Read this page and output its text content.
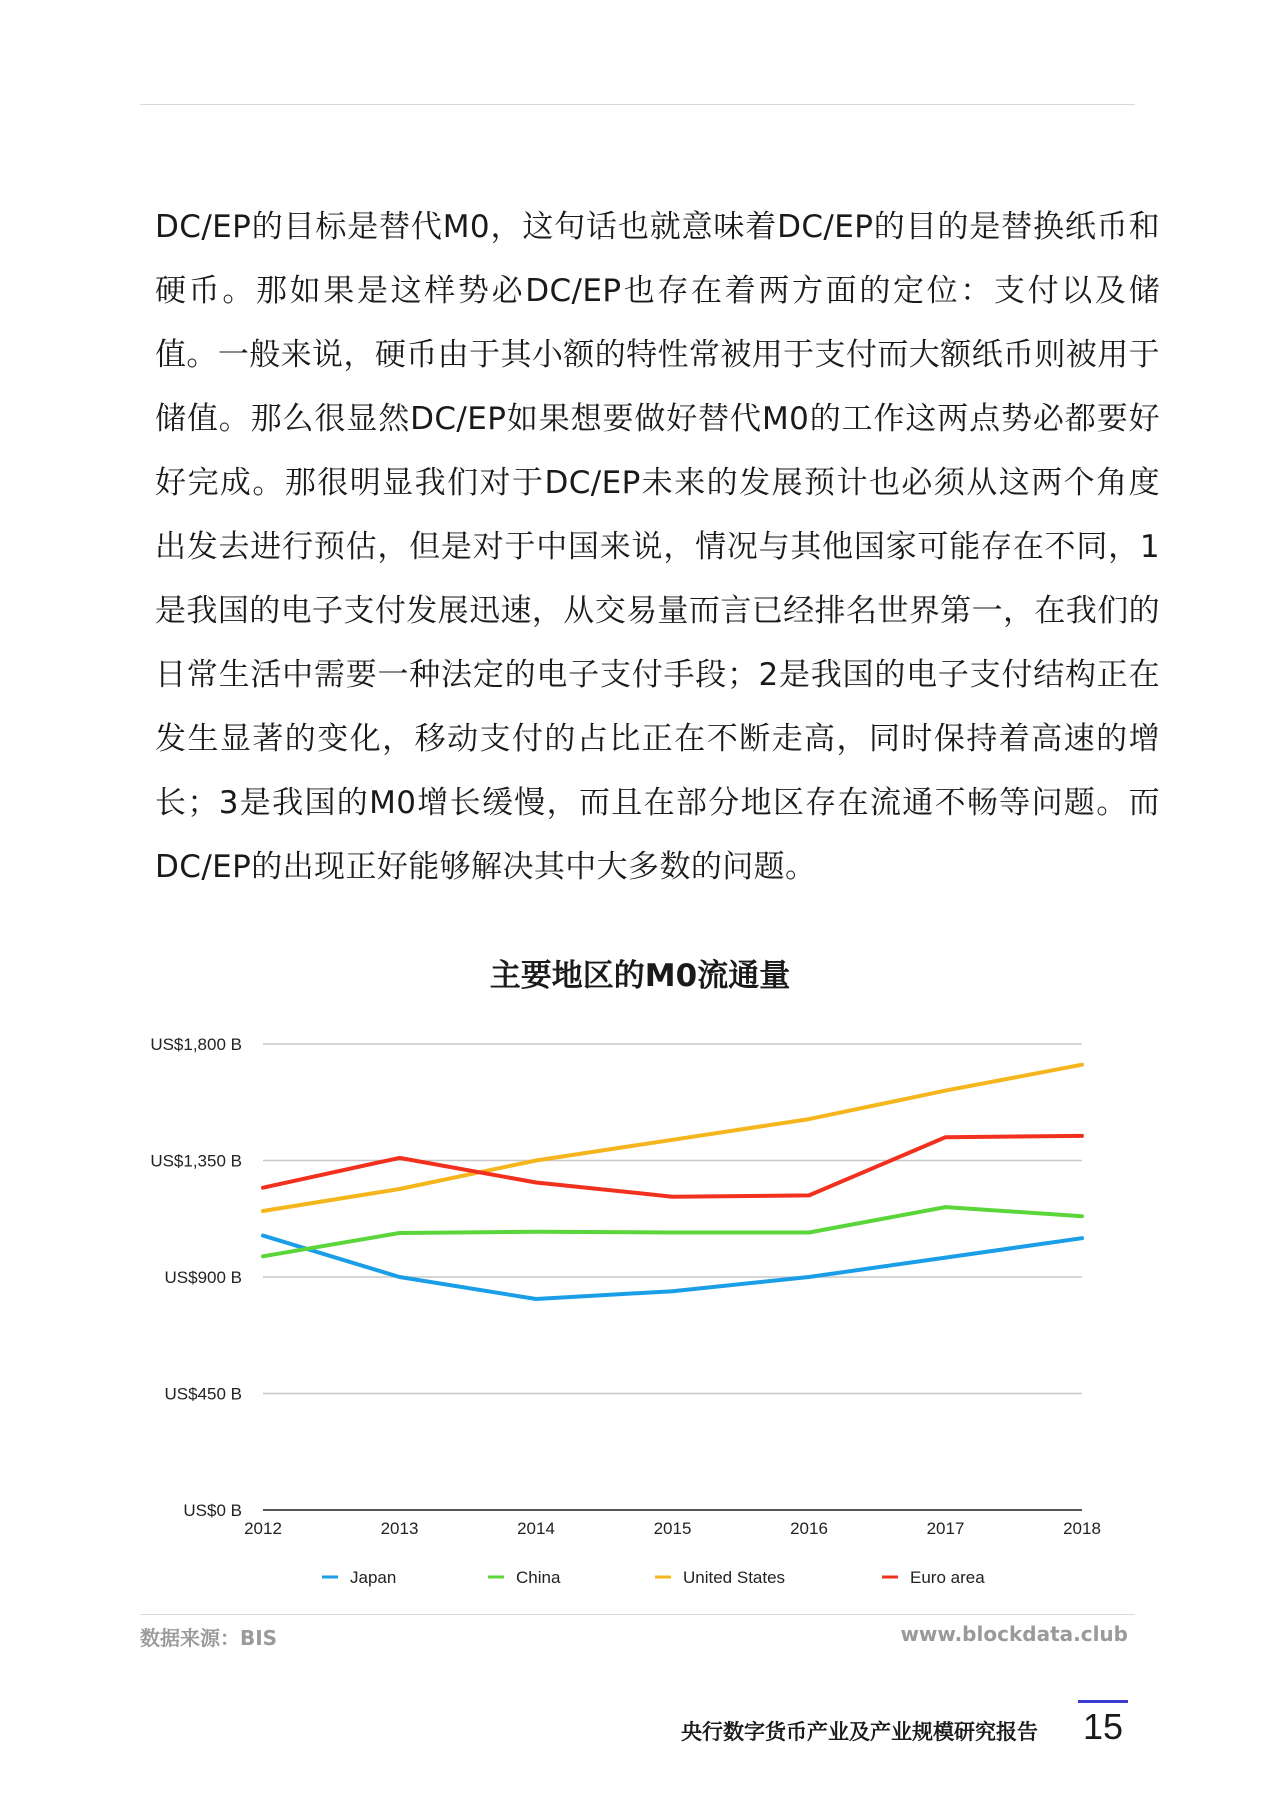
DC/EP的目标是替代M0，这句话也就意味着DC/EP的目的是替换纸币和硬币。那如果是这样势必DC/EP也存在着两方面的定位：支付以及储值。一般来说，硬币由于其小额的特性常被用于支付而大额纸币则被用于储值。那么很显然DC/EP如果想要做好替代M0的工作这两点势必都要好好完成。那很明显我们对于DC/EP未来的发展预计也必须从这两个角度出发去进行预估，但是对于中国来说，情况与其他国家可能存在不同，1是我国的电子支付发展迅速，从交易量而言已经排名世界第一，在我们的日常生活中需要一种法定的电子支付手段；2是我国的电子支付结构正在发生显著的变化，移动支付的占比正在不断走高，同时保持着高速的增长；3是我国的M0增长缓慢，而且在部分地区存在流通不畅等问题。而DC/EP的出现正好能够解决其中大多数的问题。

主要地区的M0流通量
US$0 B
US$450 B
US$900 B
US$1,350 B
US$1,800 B
2012	2013	2014	2015	2016	2017	2018
Japan	China	United States	Euro area
数据来源：BIS	www.blockdata.club
央行数字货币产业及产业规模研究报告 15
